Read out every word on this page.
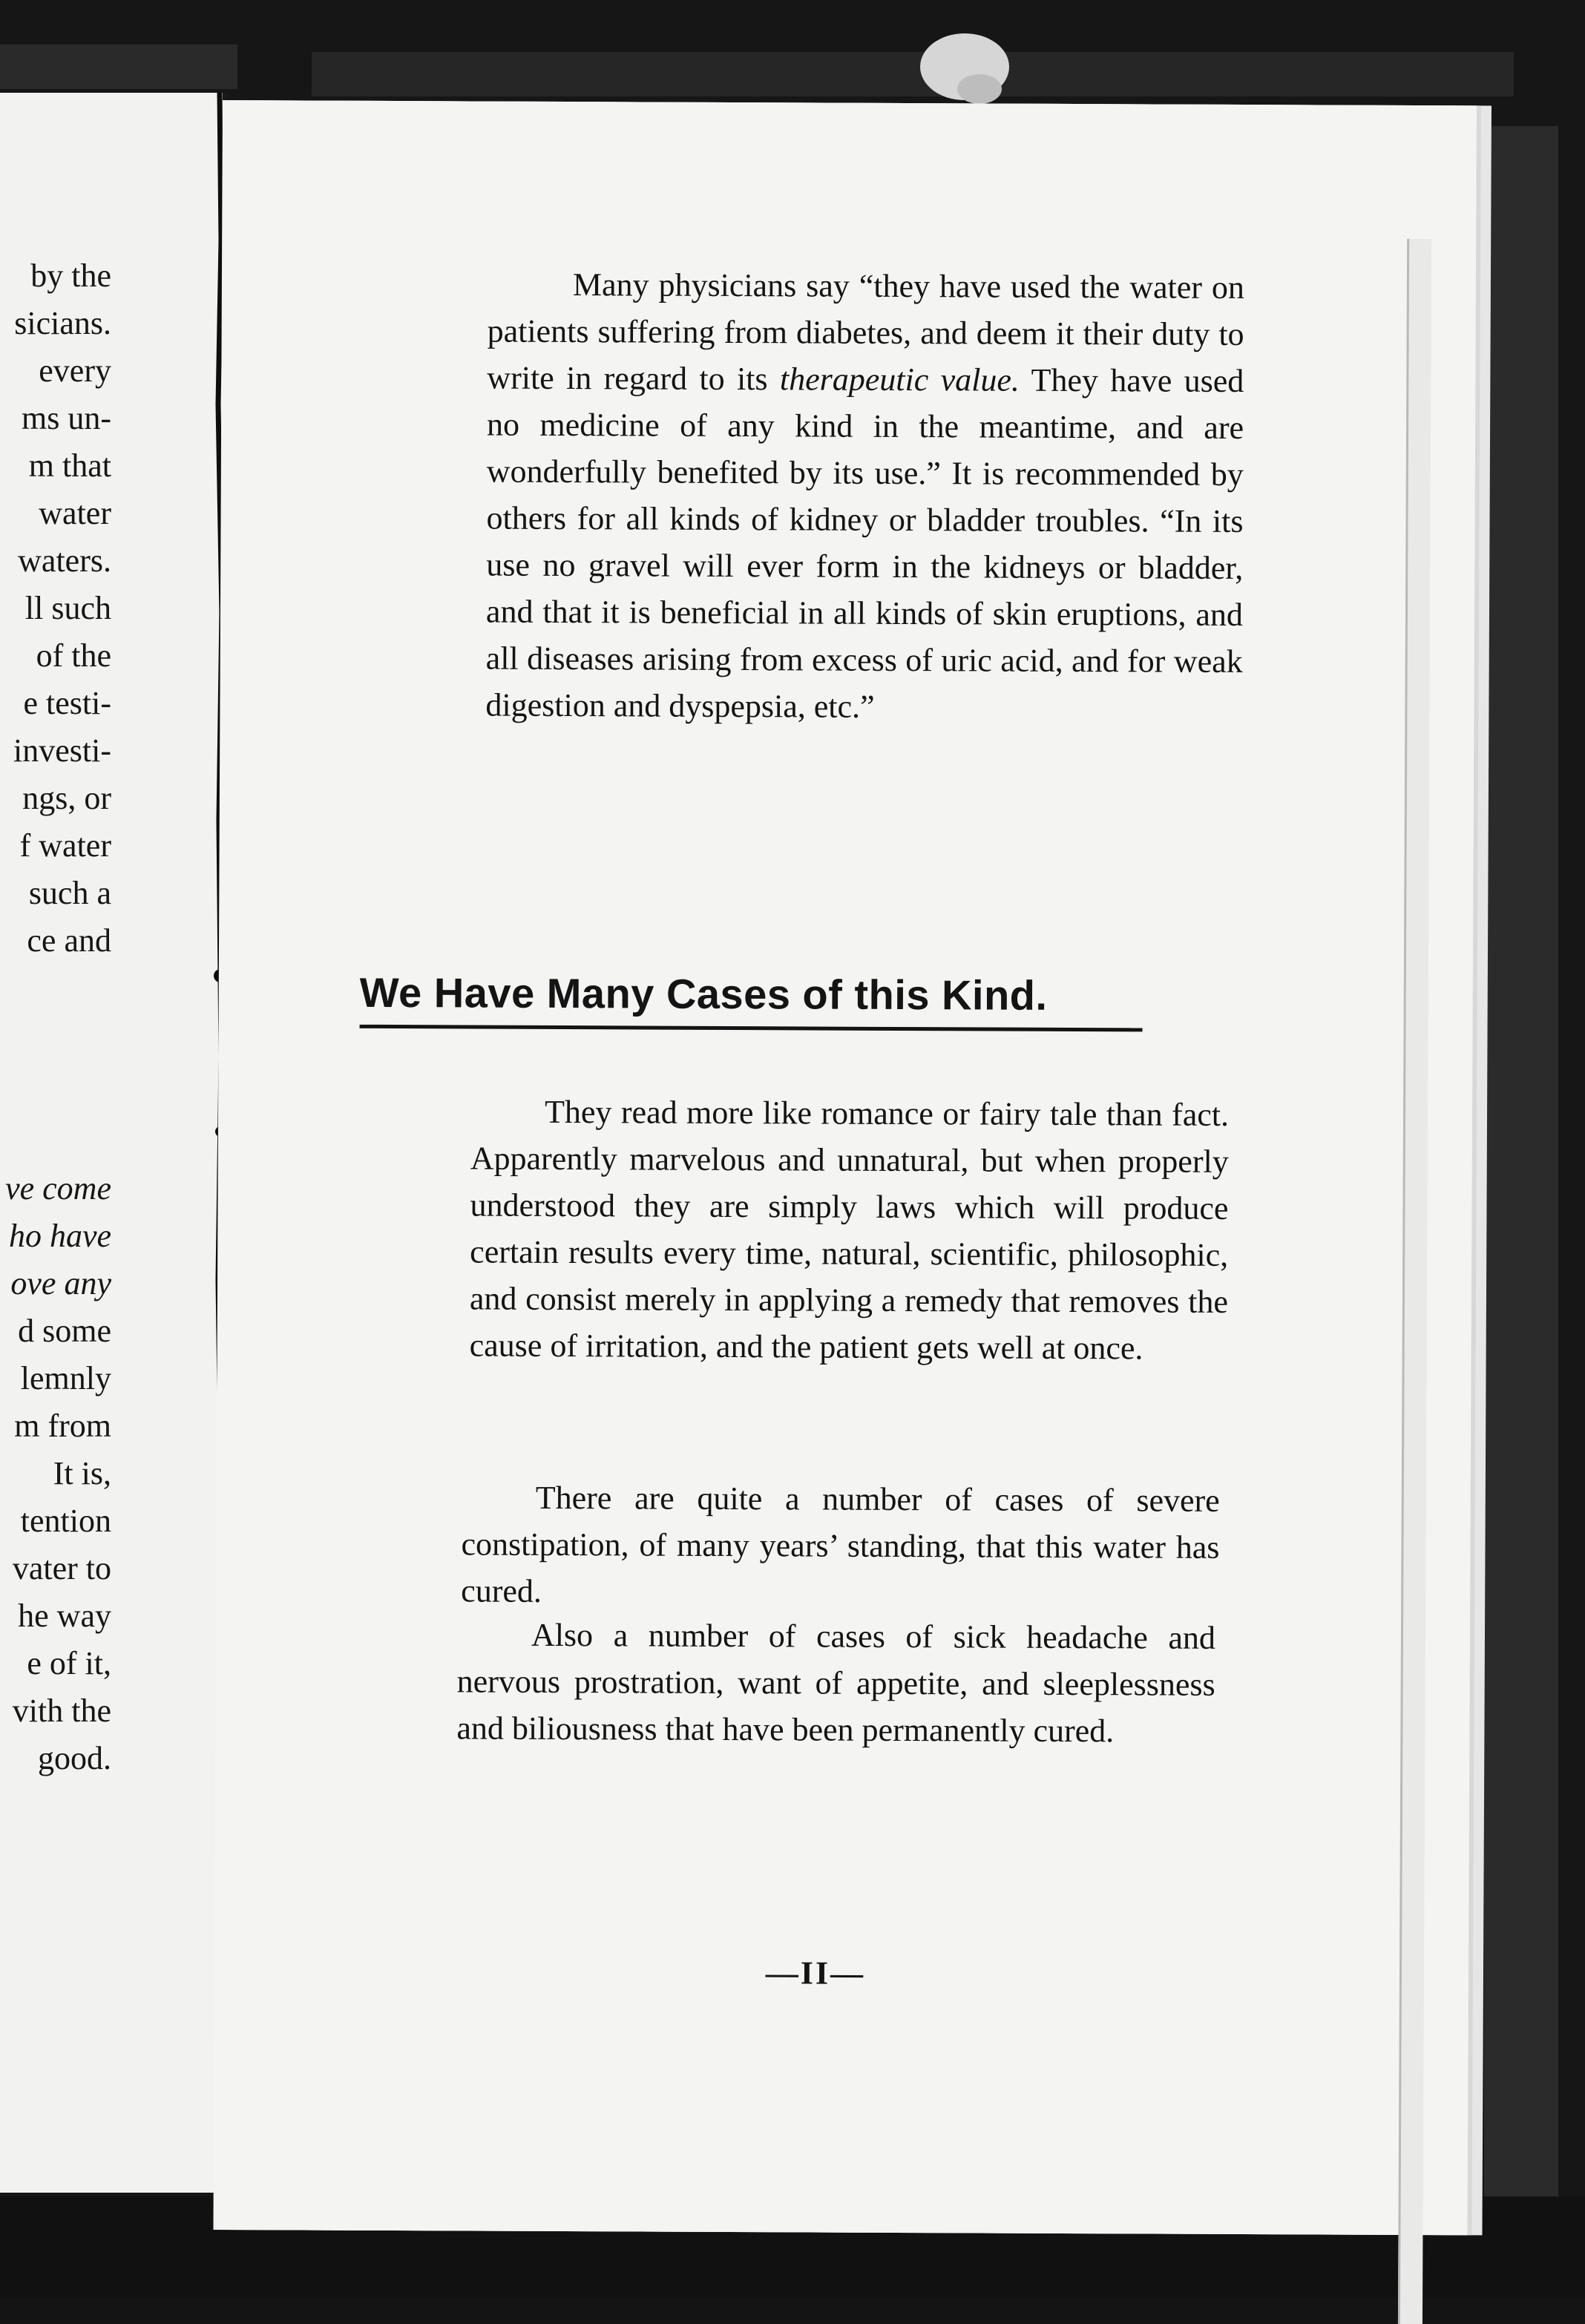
by the
sicians.
every
ms un-
m that
water
waters.
ll such
of the
e testi-
investi-
ngs, or
f water
such a
ce and
ve come
ho have
ove any
d some
lemnly
m from
It is,
tention
vater to
he way
e of it,
vith the
good.

Many physicians say “they have used the water on patients suffering from diabetes, and deem it their duty to write in regard to its therapeutic value. They have used no medicine of any kind in the meantime, and are wonderfully benefited by its use.” It is recommended by others for all kinds of kidney or bladder troubles. “In its use no gravel will ever form in the kidneys or bladder, and that it is beneficial in all kinds of skin eruptions, and all diseases arising from excess of uric acid, and for weak digestion and dyspepsia, etc.”

We Have Many Cases of this Kind.

They read more like romance or fairy tale than fact. Apparently marvelous and unnatural, but when properly understood they are simply laws which will produce certain results every time, natural, scientific, philosophic, and consist merely in applying a remedy that removes the cause of irritation, and the patient gets well at once.

There are quite a number of cases of severe constipation, of many years’ standing, that this water has cured.

Also a number of cases of sick headache and nervous prostration, want of appetite, and sleeplessness and biliousness that have been permanently cured.

—II—
